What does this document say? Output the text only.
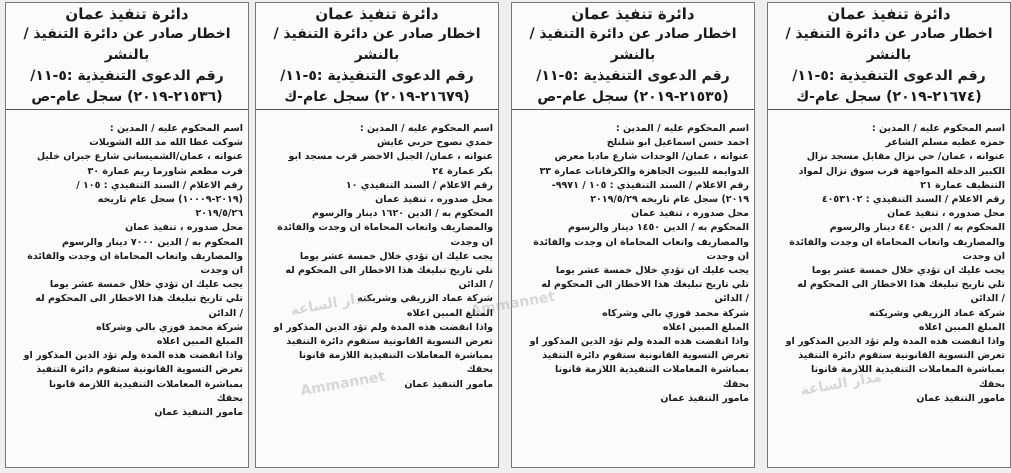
دائرة تنفيذ عمان
اخطار صادر عن دائرة التنفيذ / بالنشر
رقم الدعوى التنفيذية :٥-١١/
(٢١٦٧٤-٢٠١٩) سجل عام-ك
اسم المحكوم عليه / المدين :
حمزه عطيه مسلم الشاعر
عنوانه ، عمان/ حي نزال مقابل مسجد نزال
الكبير الدخلة المواجهة قرب سوق نزال لمواد
التنظيف عمارة ٢١
رقم الاعلام / السند التنفيذي : ٤٠٥٣١٠٢
محل صدوره ، تنفيذ عمان
المحكوم به / الدين ٤٤٠ دينار والرسوم
والمصاريف واتعاب المحاماة ان وجدت والفائدة
ان وجدت
يجب عليك ان تؤدي خلال خمسة عشر يوما
تلي تاريخ تبليغك هذا الاخطار الى المحكوم له
/ الدائن
شركة عماد الزريقي وشريكته
المبلغ المبين اعلاه
واذا انقضت هذه المدة ولم تؤد الدين المذكور او
تعرض التسوية القانونية ستقوم دائرة التنفيذ
بمباشرة المعاملات التنفيذية اللازمة قانونا
بحقك
مامور التنفيذ عمان
دائرة تنفيذ عمان
اخطار صادر عن دائرة التنفيذ / بالنشر
رقم الدعوى التنفيذية :٥-١١/
(٢١٥٣٥-٢٠١٩) سجل عام-ص
اسم المحكوم عليه / المدين :
احمد حسن اسماعيل ابو شلنلخ
عنوانه ، عمان/ الوحدات شارع مادبا معرض
الدوايمه للبيوت الجاهزة والكرفانات عمارة ٣٣
رقم الاعلام / السند التنفيذي : ١٠٥ / ٩٩٧١-
٢٠١٩) سجل عام تاريخه ٢٠١٩/٥/٢٩
محل صدوره ، تنفيذ عمان
المحكوم به / الدين ١٤٥٠ دينار والرسوم
والمصاريف واتعاب المحاماة ان وجدت والفائدة
ان وجدت
يجب عليك ان تؤدي خلال خمسة عشر يوما
تلي تاريخ تبليغك هذا الاخطار الى المحكوم له
/ الدائن
شركة محمد فوزي بالي وشركاه
المبلغ المبين اعلاه
واذا انقضت هذه المدة ولم تؤد الدين المذكور او
تعرض التسوية القانونية ستقوم دائرة التنفيذ
بمباشرة المعاملات التنفيذية اللازمة قانونا
بحقك
مامور التنفيذ عمان
دائرة تنفيذ عمان
اخطار صادر عن دائرة التنفيذ / بالنشر
رقم الدعوى التنفيذية :٥-١١/
(٢١٦٧٩-٢٠١٩) سجل عام-ك
اسم المحكوم عليه / المدين :
حمدي نصوح حربي عايش
عنوانه ، عمان/ الجبل الاخضر قرب مسجد ابو
بكر عمارة ٢٤
رقم الاعلام / السند التنفيذي ١٠
محل صدوره ، تنفيذ عمان
المحكوم به / الدين ١٦٢٠ دينار والرسوم
والمصاريف واتعاب المحاماة ان وجدت والفائدة
ان وجدت
يجب عليك ان تؤدي خلال خمسة عشر يوما
تلي تاريخ تبليغك هذا الاخطار الى المحكوم له
/ الدائن
شركة عماد الزريقي وشريكته
المبلغ المبين اعلاه
واذا انقضت هذه المدة ولم تؤد الدين المذكور او
تعرض التسوية القانونية ستقوم دائرة التنفيذ
بمباشرة المعاملات التنفيذية اللازمة قانونا
بحقك
مامور التنفيذ عمان
دائرة تنفيذ عمان
اخطار صادر عن دائرة التنفيذ / بالنشر
رقم الدعوى التنفيذية :٥-١١/
(٢١٥٣٦-٢٠١٩) سجل عام-ص
اسم المحكوم عليه / المدين :
شوكت عطا الله مد الله الشويلات
عنوانه ، عمان/الشميساني شارع جبران خليل
قرب مطعم شاورما ريم عمارة ٣٠
رقم الاعلام / السند التنفيذي : ١٠٥ /
(٢٠١٩-١٠٠٠٩) سجل عام تاريخه
٢٠١٩/٥/٢٦
محل صدوره ، تنفيذ عمان
المحكوم به / الدين ٧٠٠٠ دينار والرسوم
والمصاريف واتعاب المحاماة ان وجدت والفائدة
ان وجدت
يجب عليك ان تؤدي خلال خمسة عشر يوما
تلي تاريخ تبليغك هذا الاخطار الى المحكوم له
/ الدائن
شركة محمد فوزي بالي وشركاه
المبلغ المبين اعلاه
واذا انقضت هذه المدة ولم تؤد الدين المذكور او
تعرض التسوية القانونية ستقوم دائرة التنفيذ
بمباشرة المعاملات التنفيذية اللازمة قانونا
بحقك
مامور التنفيذ عمان
مدار الساعة	Ammannet
مدار الساعة
Ammannet
